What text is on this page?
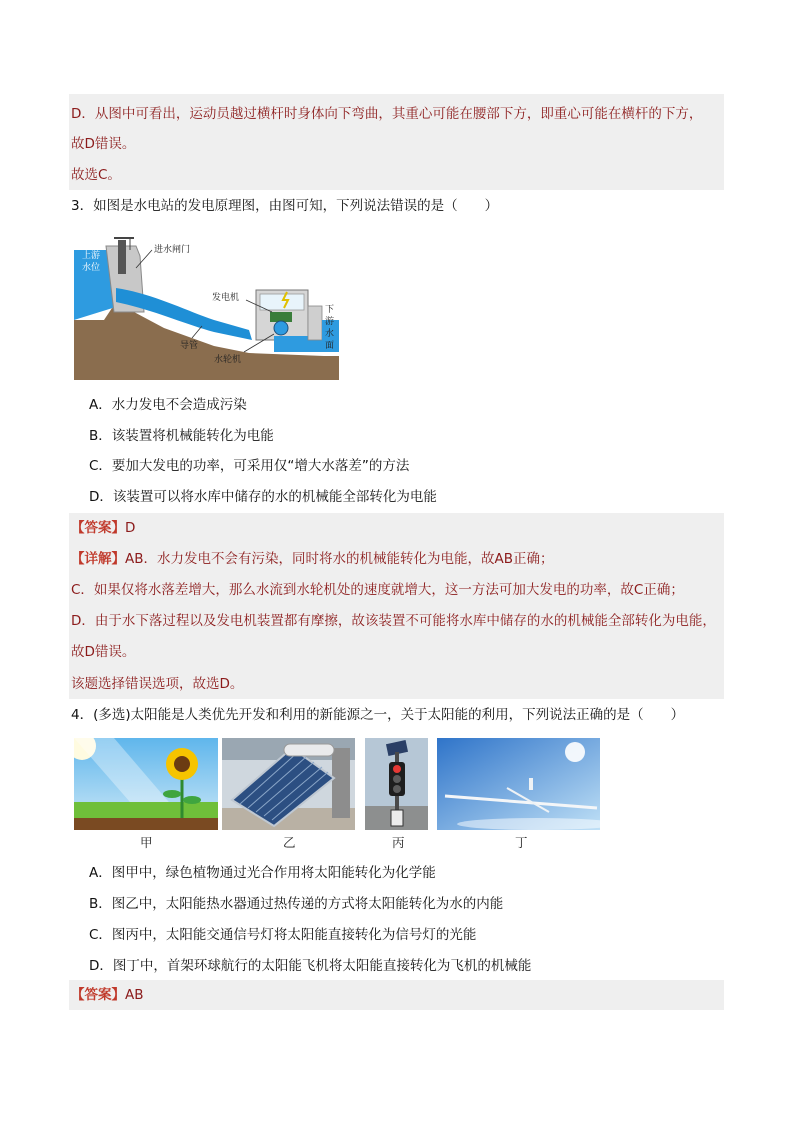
D．从图中可看出，运动员越过横杆时身体向下弯曲，其重心可能在腰部下方，即重心可能在横杆的下方，
故D错误。
故选C。
3．如图是水电站的发电原理图，由图可知，下列说法错误的是（　　）
上游水位
进水闸门
发电机
导管
水轮机
下游水面
A．水力发电不会造成污染
B．该装置将机械能转化为电能
C．要加大发电的功率，可采用仅“增大水落差”的方法
D．该装置可以将水库中储存的水的机械能全部转化为电能
【答案】D
【详解】AB．水力发电不会有污染，同时将水的机械能转化为电能，故AB正确；
C．如果仅将水落差增大，那么水流到水轮机处的速度就增大，这一方法可加大发电的功率，故C正确；
D．由于水下落过程以及发电机装置都有摩擦，故该装置不可能将水库中储存的水的机械能全部转化为电能，
故D错误。
该题选择错误选项，故选D。
4．(多选)太阳能是人类优先开发和利用的新能源之一，关于太阳能的利用，下列说法正确的是（　　）
甲	乙	丙	丁
A．图甲中，绿色植物通过光合作用将太阳能转化为化学能
B．图乙中，太阳能热水器通过热传递的方式将太阳能转化为水的内能
C．图丙中，太阳能交通信号灯将太阳能直接转化为信号灯的光能
D．图丁中，首架环球航行的太阳能飞机将太阳能直接转化为飞机的机械能
【答案】AB
